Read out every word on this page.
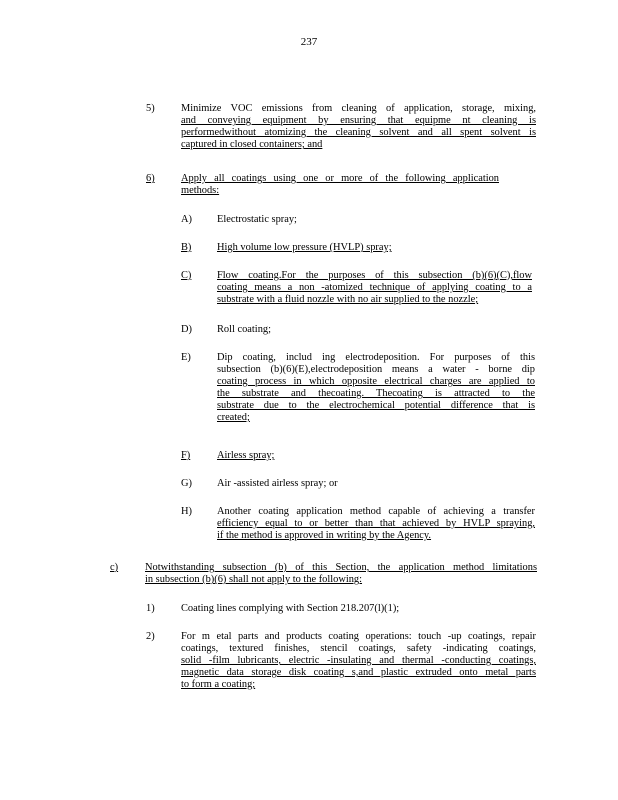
237
5)	Minimize VOC emissions from cleaning of application, storage, mixing,
and conveying equipment by ensuring that equipme nt cleaning is
performedwithout atomizing the cleaning solvent and all spent solvent is
captured in closed containers; and
6)	Apply all coatings using one or more of the following application
methods:
A) Electrostatic spray;
B) High volume low pressure (HVLP) spray;
C) Flow coating.For the purposes of this subsection (b)(6)(C),flow
coating means a non -atomized technique of applying coating to a
substrate with a fluid nozzle with no air supplied to the nozzle;
D) Roll coating;
E)	Dip coating, includ ing electrodeposition. For purposes of this
subsection (b)(6)(E),electrodeposition means a water - borne dip
coating process in which opposite electrical charges are applied to
the substrate and thecoating. Thecoating is attracted to the
substrate due to the electrochemical potential difference that is
created;
F)	Airless spray;
G) Air -assisted airless spray; or
H) Another coating application method capable of achieving a transfer
efficiency equal to or better than that achieved by HVLP spraying,
if the method is approved in writing by the Agency.
c)	Notwithstanding subsection (b) of this Section, the application method limitations
in subsection (b)(6) shall not apply to the following:
1)	Coating lines complying with Section 218.207(l)(1);
2)	For m etal parts and products coating operations: touch -up coatings, repair
coatings, textured finishes, stencil coatings, safety -indicating coatings,
solid -film lubricants, electric -insulating and thermal -conducting coatings,
magnetic data storage disk coating s,and plastic extruded onto metal parts
to form a coating;
